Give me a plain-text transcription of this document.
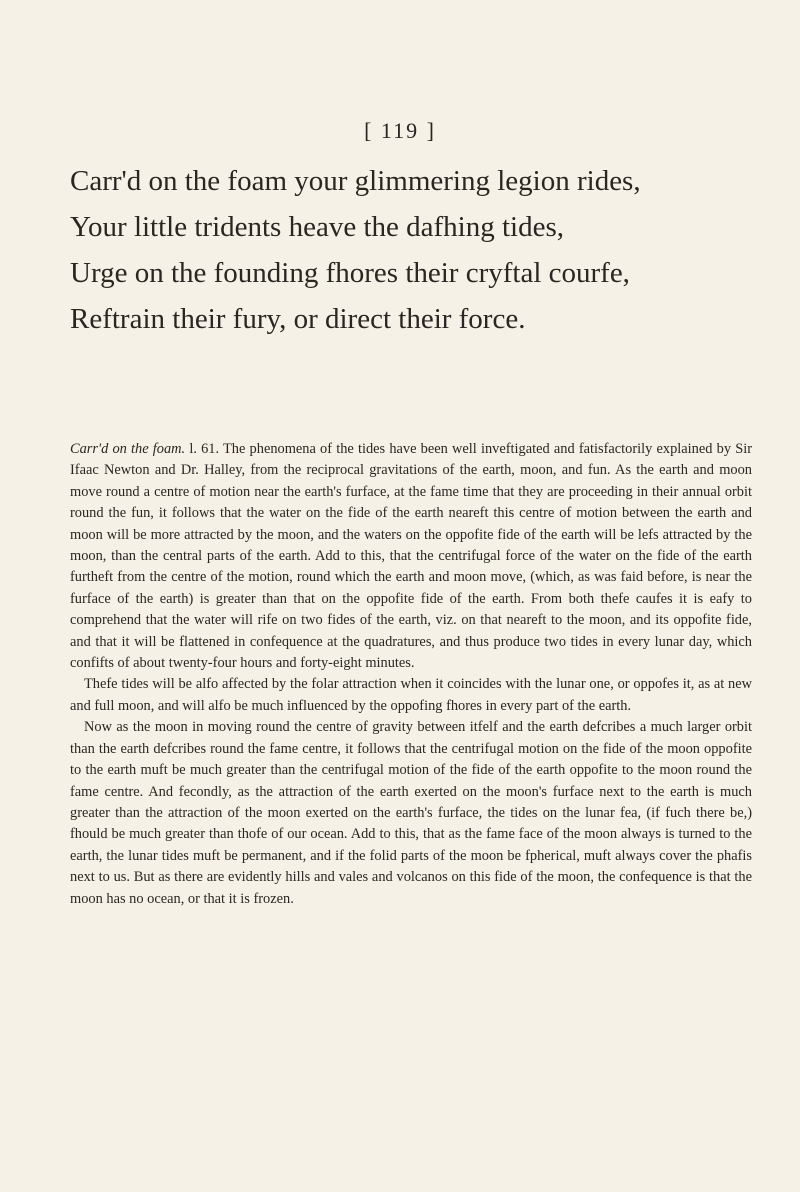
[ 119 ]
Carr'd on the foam your glimmering legion rides,
Your little tridents heave the dafhing tides,
Urge on the founding fhores their cryftal courfe,
Reftrain their fury, or direct their force.

Carr'd on the foam. l. 61. The phenomena of the tides have been well inveftigated and fatisfactorily explained by Sir Ifaac Newton and Dr. Halley, from the reciprocal gravitations of the earth, moon, and fun. As the earth and moon move round a centre of motion near the earth's furface, at the fame time that they are proceeding in their annual orbit round the fun, it follows that the water on the fide of the earth neareft this centre of motion between the earth and moon will be more attracted by the moon, and the waters on the oppofite fide of the earth will be lefs attracted by the moon, than the central parts of the earth. Add to this, that the centrifugal force of the water on the fide of the earth furtheft from the centre of the motion, round which the earth and moon move, (which, as was faid before, is near the furface of the earth) is greater than that on the oppofite fide of the earth. From both thefe caufes it is eafy to comprehend that the water will rife on two fides of the earth, viz. on that neareft to the moon, and its oppofite fide, and that it will be flattened in confequence at the quadratures, and thus produce two tides in every lunar day, which confifts of about twenty-four hours and forty-eight minutes.

Thefe tides will be alfo affected by the folar attraction when it coincides with the lunar one, or oppofes it, as at new and full moon, and will alfo be much influenced by the oppofing fhores in every part of the earth.

Now as the moon in moving round the centre of gravity between itfelf and the earth defcribes a much larger orbit than the earth defcribes round the fame centre, it follows that the centrifugal motion on the fide of the moon oppofite to the earth muft be much greater than the centrifugal motion of the fide of the earth oppofite to the moon round the fame centre. And fecondly, as the attraction of the earth exerted on the moon's furface next to the earth is much greater than the attraction of the moon exerted on the earth's furface, the tides on the lunar fea, (if fuch there be,) fhould be much greater than thofe of our ocean. Add to this, that as the fame face of the moon always is turned to the earth, the lunar tides muft be permanent, and if the folid parts of the moon be fpherical, muft always cover the phafis next to us. But as there are evidently hills and vales and volcanos on this fide of the moon, the confequence is that the moon has no ocean, or that it is frozen.
